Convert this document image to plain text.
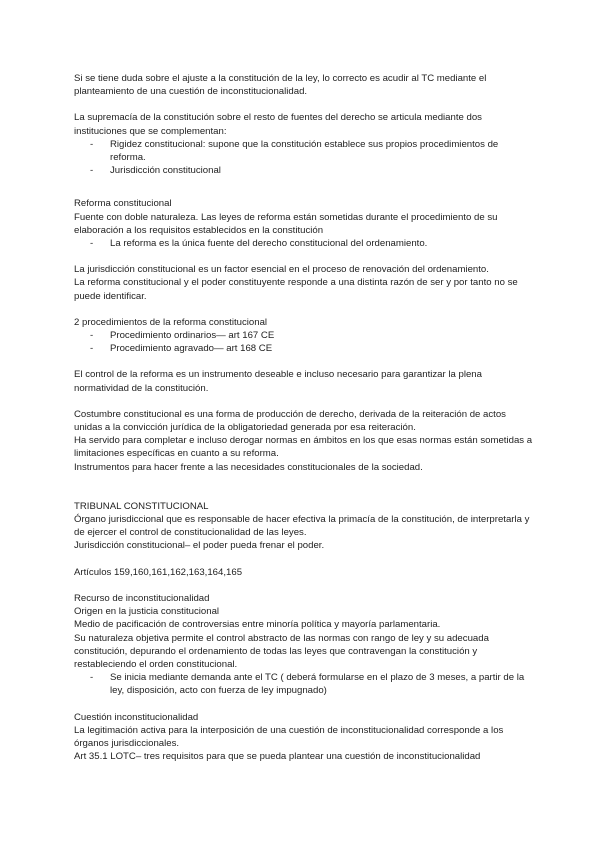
Si se tiene duda sobre el ajuste a la constitución de la ley, lo correcto es acudir al TC mediante el planteamiento de una cuestión de inconstitucionalidad.

La supremacía de la constitución sobre el resto de fuentes del derecho se articula mediante dos instituciones que se complementan:

- Rigidez constitucional: supone que la constitución establece sus propios procedimientos de reforma.
- Jurisdicción constitucional

Reforma constitucional

Fuente con doble naturaleza. Las leyes de reforma están sometidas durante el procedimiento de su elaboración a los requisitos establecidos en la constitución

- La reforma es la única fuente del derecho constitucional del ordenamiento.

La jurisdicción constitucional es un factor esencial en el proceso de renovación del ordenamiento.

La reforma constitucional y el poder constituyente responde a una distinta razón de ser y por tanto no se puede identificar.

2 procedimientos de la reforma constitucional

- Procedimiento ordinarios— art 167 CE
- Procedimiento agravado— art 168 CE

El control de la reforma es un instrumento deseable e incluso necesario para garantizar la plena normatividad de la constitución.

Costumbre constitucional es una forma de producción de derecho, derivada de la reiteración de actos unidas a la convicción jurídica de la obligatoriedad generada por esa reiteración.

Ha servido para completar e incluso derogar normas en ámbitos en los que esas normas están sometidas a limitaciones específicas en cuanto a su reforma.

Instrumentos para hacer frente a las necesidades constitucionales de la sociedad.

TRIBUNAL CONSTITUCIONAL

Órgano jurisdiccional que es responsable de hacer efectiva la primacía de la constitución, de interpretarla y de ejercer el control de constitucionalidad de las leyes.

Jurisdicción constitucional– el poder pueda frenar el poder.

Artículos 159,160,161,162,163,164,165

Recurso de inconstitucionalidad

Origen en la justicia constitucional

Medio de pacificación de controversias entre minoría política y mayoría parlamentaria.

Su naturaleza objetiva permite el control abstracto de las normas con rango de ley y su adecuada constitución, depurando el ordenamiento de todas las leyes que contravengan la constitución y restableciendo el orden constitucional.

- Se inicia mediante demanda ante el TC ( deberá formularse en el plazo de 3 meses, a partir de la ley, disposición, acto con fuerza de ley impugnado)

Cuestión inconstitucionalidad

La legitimación activa para la interposición de una cuestión de inconstitucionalidad corresponde a los órganos jurisdiccionales.

Art 35.1 LOTC– tres requisitos para que se pueda plantear una cuestión de inconstitucionalidad
